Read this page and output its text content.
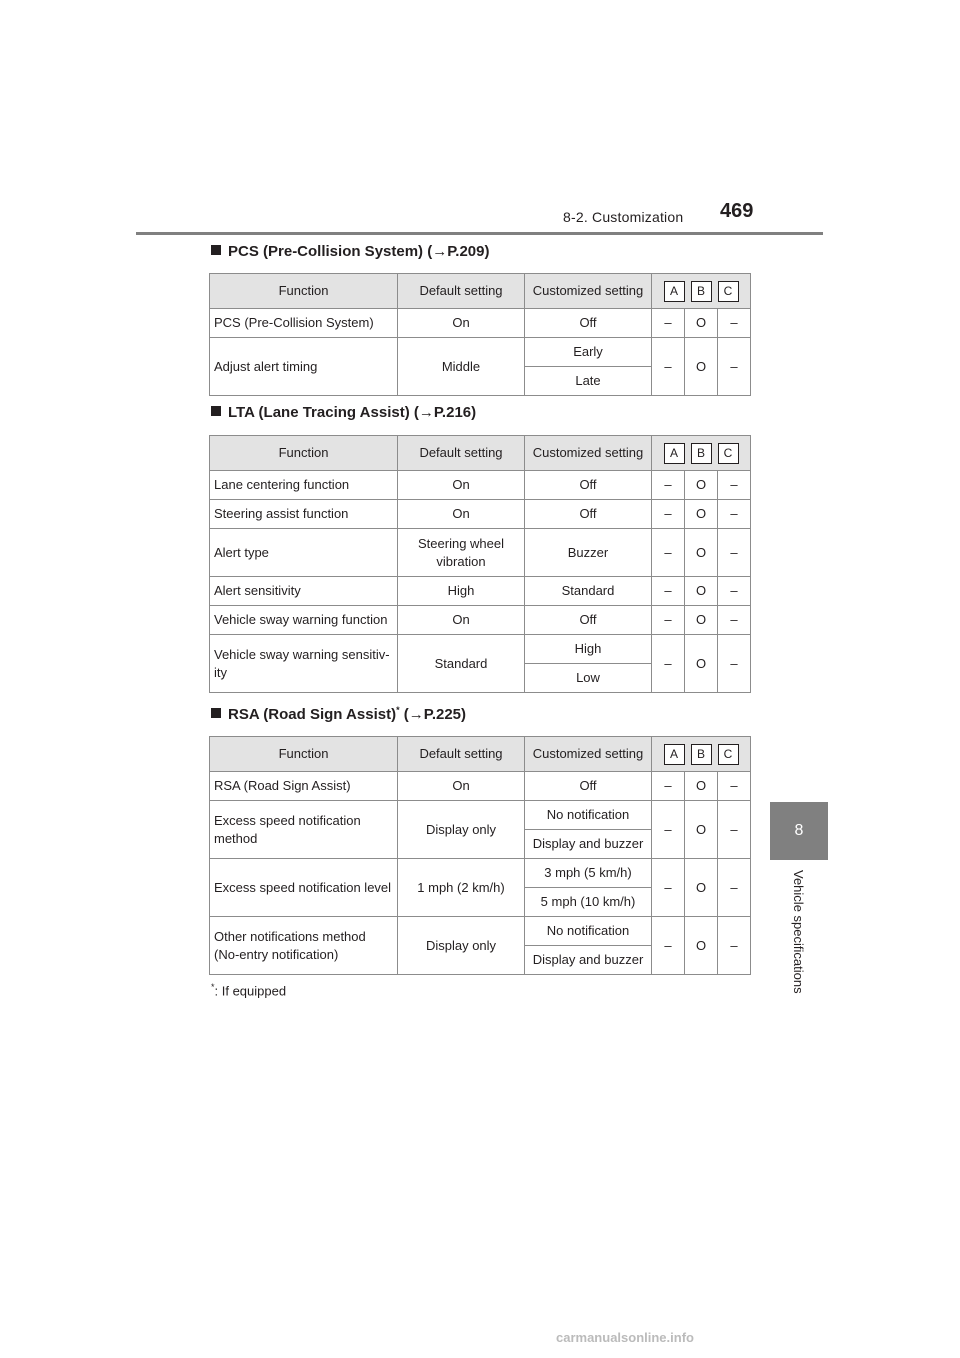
8-2. Customization 469
8
Vehicle specifications
PCS (Pre-Collision System) (→P.209)
Function	Default setting	Customized setting	A B C		
PCS (Pre-Collision System)	On	Off	–	O	–
Adjust alert timing	Middle	Early	–	O	–
		Late			
LTA (Lane Tracing Assist) (→P.216)
Function	Default setting	Customized setting	A B C		
Lane centering function	On	Off	–	O	–
Steering assist function	On	Off	–	O	–
Alert type	Steering wheel vibration	Buzzer	–	O	–
Alert sensitivity	High	Standard	–	O	–
Vehicle sway warning function	On	Off	–	O	–
Vehicle sway warning sensitiv-ity	Standard	High	–	O	–
		Low			
RSA (Road Sign Assist)* (→P.225)
Function	Default setting	Customized setting	A B C		
RSA (Road Sign Assist)	On	Off	–	O	–
Excess speed notification method	Display only	No notification	–	O	–
		Display and buzzer			
Excess speed notification level	1 mph (2 km/h)	3 mph (5 km/h)	–	O	–
		5 mph (10 km/h)			
Other notifications method (No-entry notification)	Display only	No notification	–	O	–
		Display and buzzer			
*: If equipped
carmanualsonline.info
